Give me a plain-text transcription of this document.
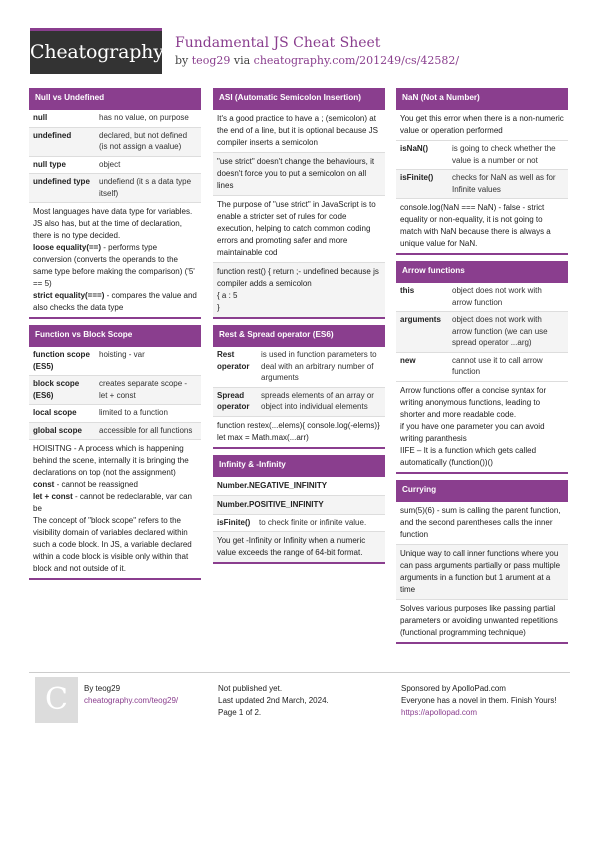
Cheatography Fundamental JS Cheat Sheet
by teog29 via cheatography.com/201249/cs/42582/
Null vs Undefined
null	has no value, on purpose
undefined	declared, but not defined (is not assign a vaalue)
null type	object
undefined type	undefiend (it s a data type itself)
Most languages have data type for variables. JS also has, but at the time of declaration, there is no type decided.
loose equality(==) - performs type conversion (converts the operands to the same type before making the comparison) ('5' == 5)
strict equality(===) - compares the value and also checks the data type
Function vs Block Scope
function scope (ES5)	hoisting - var
block scope (ES6)	creates separate scope - let + const
local scope	limited to a function
global scope	accessible for all functions
HOISITNG - A process which is happening behind the scene, internally it is bringing the declarations on top (not the assignment)
const - cannot be reassigned
let + const - cannot be redeclarable, var can be
The concept of "block scope" refers to the visibility domain of variables declared within such a code block. In JS, a variable declared within a code block is visible only within that block and not outside of it.
ASI (Automatic Semicolon Insertion)
It's a good practice to have a ; (semicolon) at the end of a line, but it is optional because JS compiler inserts a semicolon
"use strict" doesn't change the behaviours, it doesn't force you to put a semicolon on all lines
The purpose of "use strict" in JavaScript is to enable a stricter set of rules for code execution, helping to catch common coding errors and promoting safer and more maintainable cod
function rest() { return ;- undefined because js compiler adds a semicolon
{ a : 5
}
Rest & Spread operator (ES6)
Rest operator	is used in function parameters to deal with an arbitrary number of arguments
Spread operator	spreads elements of an array or object into individual elements
function restex(...elems){ console.log(-elems)}
let max = Math.max(...arr)
Infinity & -Infinity
Number.NEGATIVE_INFINITY
Number.POSITIVE_INFINITY
isFinite()	to check finite or infinite value.
You get -Infinity or Infinity when a numeric value exceeds the range of 64-bit format.
NaN (Not a Number)
You get this error when there is a non-numeric value or operation performed
isNaN()	is going to check whether the value is a number or not
isFinite()	checks for NaN as well as for Infinite values
console.log(NaN === NaN) - false - strict equality or non-equality, it is not going to match with NaN because there is always a unique value for NaN.
Arrow functions
this	object does not work with arrow function
arguments	object does not work with arrow function (we can use spread operator ...arg)
new	cannot use it to call arrow function
Arrow functions offer a concise syntax for writing anonymous functions, leading to shorter and more readable code.
if you have one parameter you can avoid writing paranthesis
IIFE – It is a function which gets called automatically (function())()
Currying
sum(5)(6) - sum is calling the parent function, and the second parentheses calls the inner function
Unique way to call inner functions where you can pass arguments partially or pass multiple arguments in a function but 1 arument at a time
Solves various purposes like passing partial parameters or avoiding unwanted repetitions (functional programming technique)
C	By teog29
cheatography.com/teog29/
Not published yet.
Last updated 2nd March, 2024.
Page 1 of 2.
Sponsored by ApolloPad.com
Everyone has a novel in them. Finish Yours!
https://apollopad.com
